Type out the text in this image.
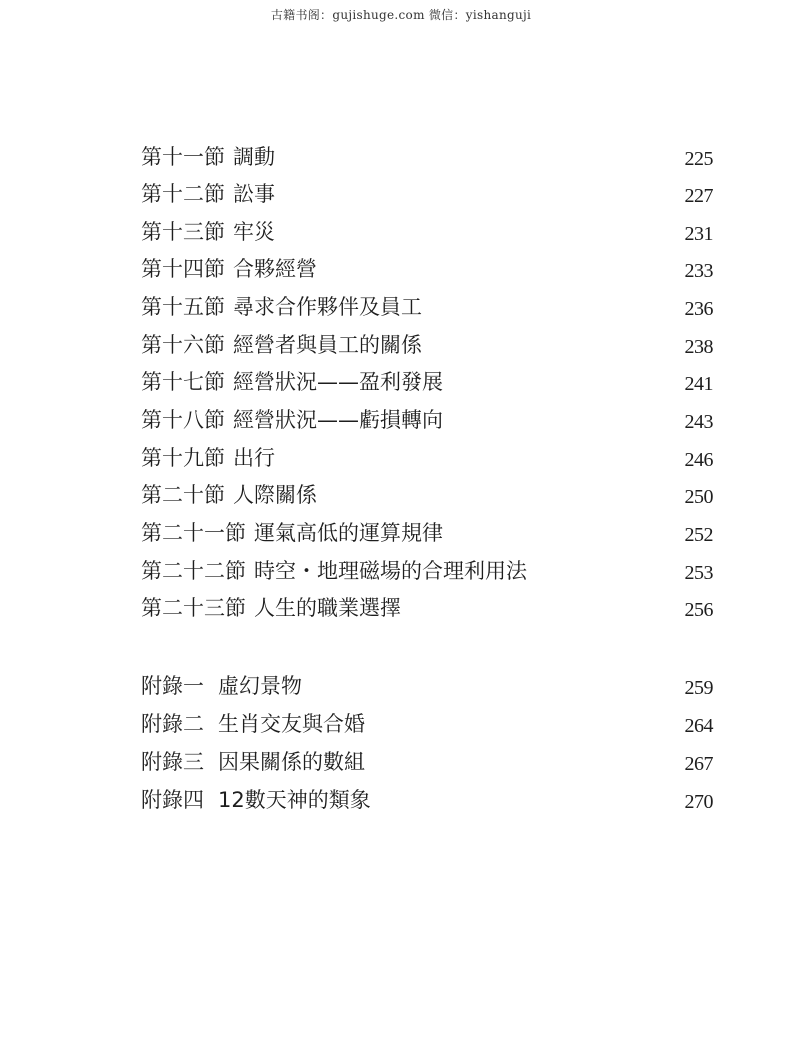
古籍书阁：gujishuge.com 微信：yishanguji
第十一節 調動	225
第十二節 訟事	227
第十三節 牢災	231
第十四節 合夥經營	233
第十五節 尋求合作夥伴及員工	236
第十六節 經營者與員工的關係	238
第十七節 經營狀況——盈利發展	241
第十八節 經營狀況——虧損轉向	243
第十九節 出行	246
第二十節 人際關係	250
第二十一節 運氣高低的運算規律	252
第二十二節 時空・地理磁場的合理利用法	253
第二十三節 人生的職業選擇	256
附錄一 虛幻景物	259
附錄二 生肖交友與合婚	264
附錄三 因果關係的數組	267
附錄四 12數天神的類象	270
